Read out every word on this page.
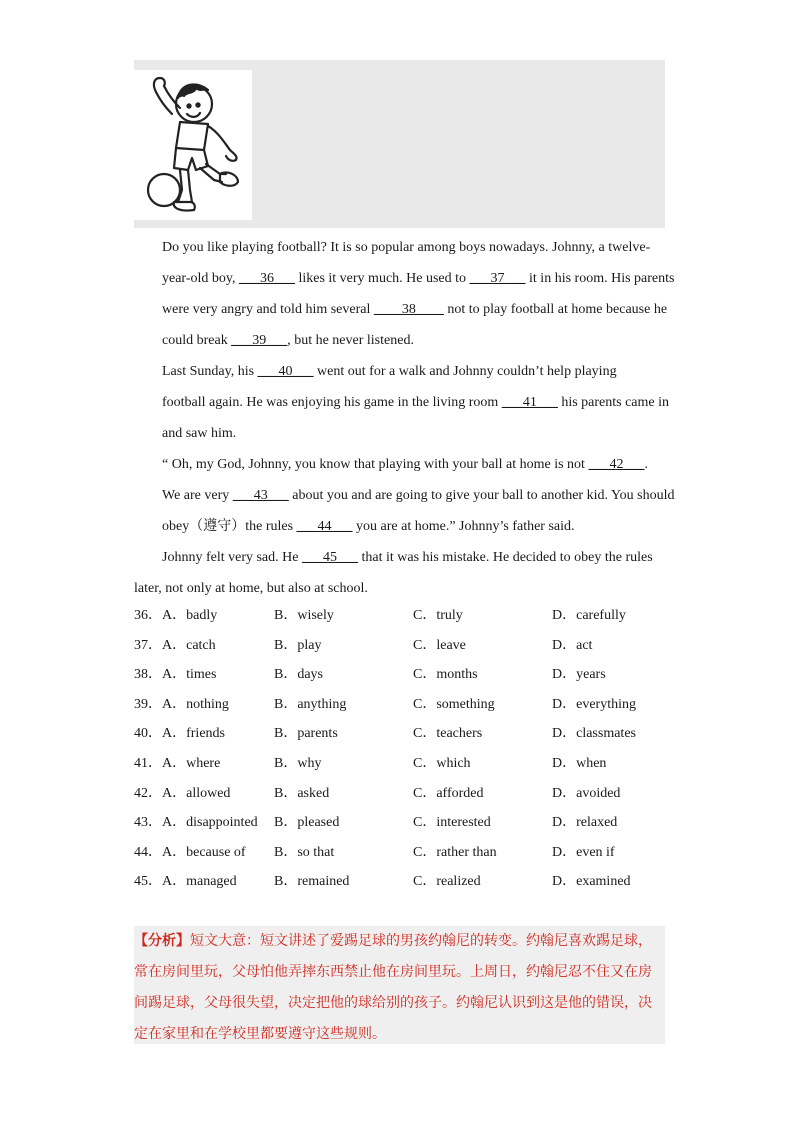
Do you like playing football? It is so popular among boys nowadays. Johnny, a twelve-
year-old boy, ___36___ likes it very much. He used to ___37___ it in his room. His parents
were very angry and told him several ____38____ not to play football at home because he
could break ___39___, but he never listened.

Last Sunday, his ___40___ went out for a walk and Johnny couldn’t help playing
football again. He was enjoying his game in the living room ___41___ his parents came in
and saw him.

“ Oh, my God, Johnny, you know that playing with your ball at home is not ___42___.
We are very ___43___ about you and are going to give your ball to another kid. You should
obey（遵守）the rules ___44___ you are at home.” Johnny’s father said.

Johnny felt very sad. He ___45___ that it was his mistake. He decided to obey the rules

later, not only at home, but also at school.

36．A．badly	B．wisely	C．truly	D．carefully
37．A．catch	B．play	C．leave	D．act
38．A．times	B．days	C．months	D．years
39．A．nothing	B．anything	C．something	D．everything
40．A．friends	B．parents	C．teachers	D．classmates
41．A．where	B．why	C．which	D．when
42．A．allowed	B．asked	C．afforded	D．avoided
43．A．disappointed B．pleased	C．interested	D．relaxed
44．A．because of B．so that	C．rather than	D．even if
45．A．managed	B．remained	C．realized	D．examined
【分析】短文大意：短文讲述了爱踢足球的男孩约翰尼的转变。约翰尼喜欢踢足球，
常在房间里玩，父母怕他弄摔东西禁止他在房间里玩。上周日，约翰尼忍不住又在房
间踢足球，父母很失望，决定把他的球给别的孩子。约翰尼认识到这是他的错误，决
定在家里和在学校里都要遵守这些规则。
